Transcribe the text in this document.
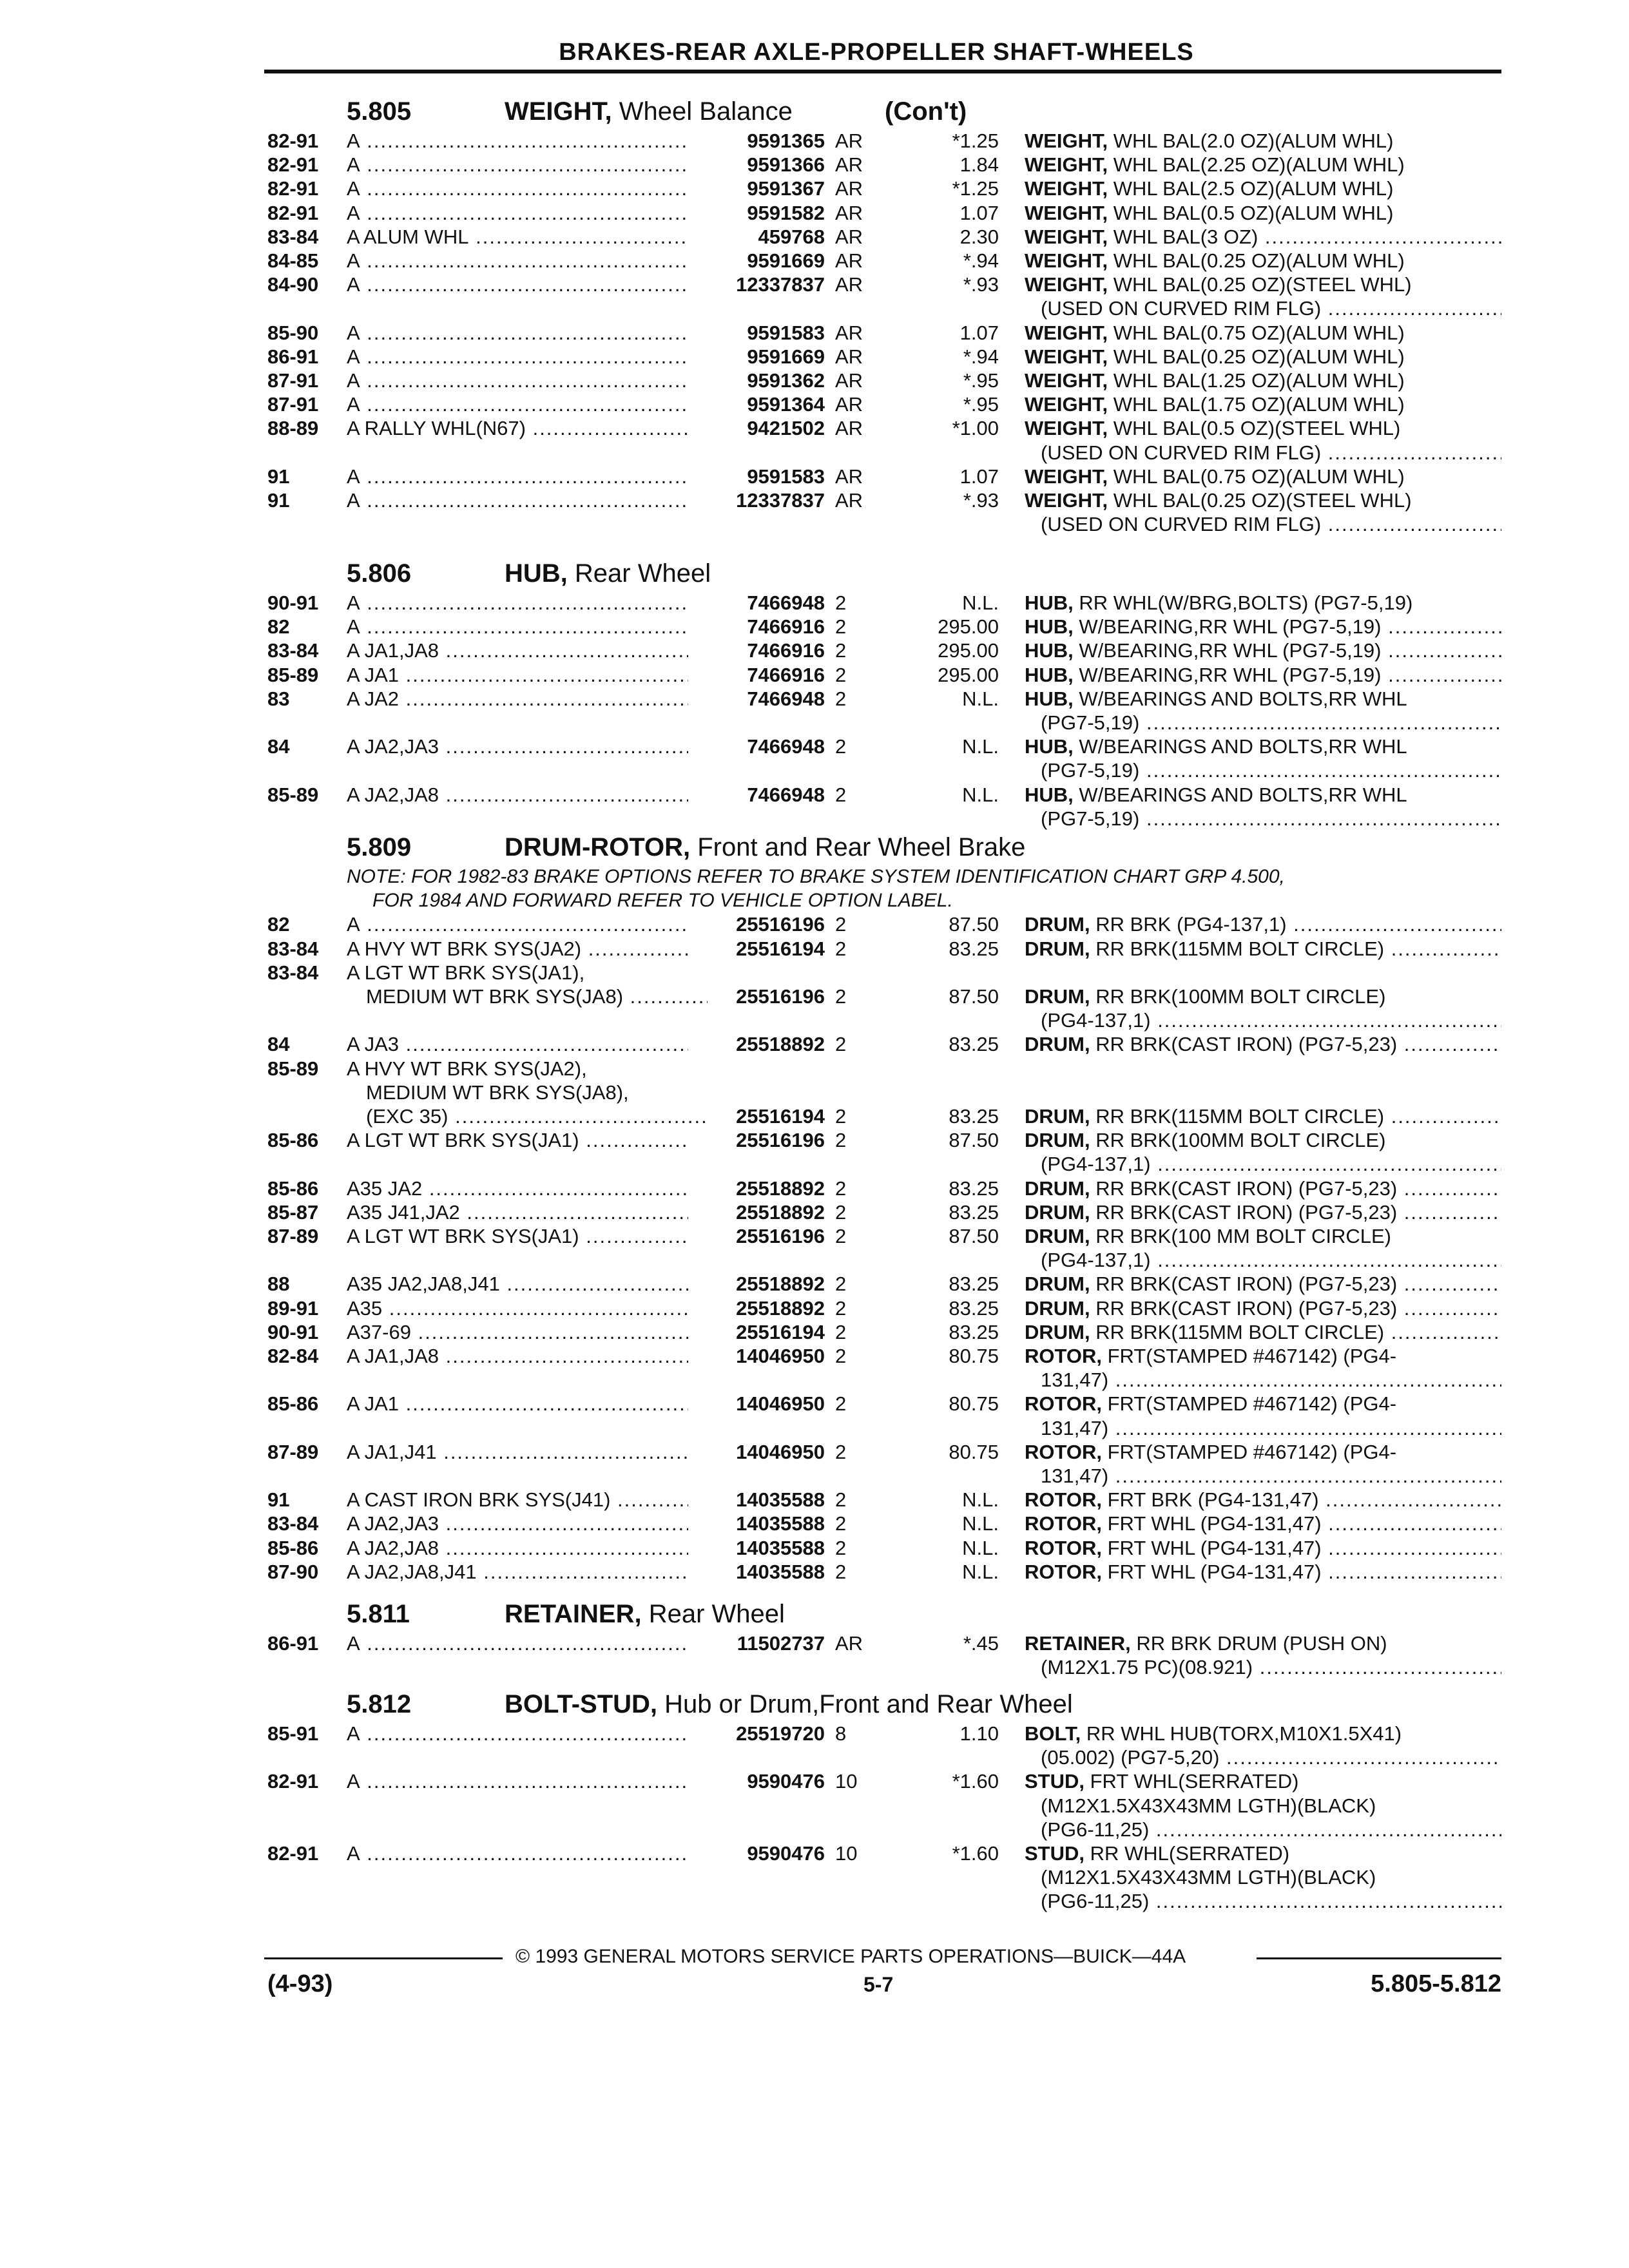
BRAKES-REAR AXLE-PROPELLER SHAFT-WHEELS
5.805	WEIGHT, Wheel Balance	(Con't)
82-91 A .....	9591365 AR	*1.25 WEIGHT, WHL BAL(2.0 OZ)(ALUM WHL)
82-91 A .....	9591366 AR	1.84 WEIGHT, WHL BAL(2.25 OZ)(ALUM WHL)
82-91 A .....	9591367 AR	*1.25 WEIGHT, WHL BAL(2.5 OZ)(ALUM WHL)
82-91 A .....	9591582 AR	1.07 WEIGHT, WHL BAL(0.5 OZ)(ALUM WHL)
83-84 A ALUM WHL .....	459768 AR	2.30 WEIGHT, WHL BAL(3 OZ) .....
84-85 A .....	9591669 AR	*.94 WEIGHT, WHL BAL(0.25 OZ)(ALUM WHL)
84-90 A .....	12337837 AR	*.93 WEIGHT, WHL BAL(0.25 OZ)(STEEL WHL)
(USED ON CURVED RIM FLG) .....
85-90 A .....	9591583 AR	1.07 WEIGHT, WHL BAL(0.75 OZ)(ALUM WHL)
86-91 A .....	9591669 AR	*.94 WEIGHT, WHL BAL(0.25 OZ)(ALUM WHL)
87-91 A .....	9591362 AR	*.95 WEIGHT, WHL BAL(1.25 OZ)(ALUM WHL)
87-91 A .....	9591364 AR	*.95 WEIGHT, WHL BAL(1.75 OZ)(ALUM WHL)
88-89 A RALLY WHL(N67) .....	9421502 AR	*1.00 WEIGHT, WHL BAL(0.5 OZ)(STEEL WHL)
(USED ON CURVED RIM FLG) .....
91	A .....	9591583 AR	1.07 WEIGHT, WHL BAL(0.75 OZ)(ALUM WHL)
91	A .....	12337837 AR	*.93 WEIGHT, WHL BAL(0.25 OZ)(STEEL WHL)
(USED ON CURVED RIM FLG) .....
5.806	HUB, Rear Wheel
90-91 A .....	7466948 2	N.L. HUB, RR WHL(W/BRG,BOLTS) (PG7-5,19)
82	A .....	7466916 2	295.00 HUB, W/BEARING,RR WHL (PG7-5,19) .....
83-84 A JA1,JA8 .....	7466916 2	295.00 HUB, W/BEARING,RR WHL (PG7-5,19) .....
85-89 A JA1 .....	7466916 2	295.00 HUB, W/BEARING,RR WHL (PG7-5,19) .....
83	A JA2 .....	7466948 2	N.L. HUB, W/BEARINGS AND BOLTS,RR WHL
(PG7-5,19) .....
84	A JA2,JA3 .....	7466948 2	N.L. HUB, W/BEARINGS AND BOLTS,RR WHL
(PG7-5,19) .....
85-89 A JA2,JA8 .....	7466948 2	N.L. HUB, W/BEARINGS AND BOLTS,RR WHL
(PG7-5,19) .....
5.809	DRUM-ROTOR, Front and Rear Wheel Brake
NOTE: FOR 1982-83 BRAKE OPTIONS REFER TO BRAKE SYSTEM IDENTIFICATION CHART GRP 4.500,
FOR 1984 AND FORWARD REFER TO VEHICLE OPTION LABEL.
82	A .....	25516196 2	87.50 DRUM, RR BRK (PG4-137,1) .....
83-84 A HVY WT BRK SYS(JA2) .....	25516194 2	83.25 DRUM, RR BRK(115MM BOLT CIRCLE) .....
83-84 A LGT WT BRK SYS(JA1),
MEDIUM WT BRK SYS(JA8) .....	25516196 2	87.50 DRUM, RR BRK(100MM BOLT CIRCLE)
(PG4-137,1) .....
84	A JA3 .....	25518892 2	83.25 DRUM, RR BRK(CAST IRON) (PG7-5,23) .....
85-89 A HVY WT BRK SYS(JA2),
MEDIUM WT BRK SYS(JA8),
(EXC 35) .....	25516194 2	83.25 DRUM, RR BRK(115MM BOLT CIRCLE) .....
85-86 A LGT WT BRK SYS(JA1) .....	25516196 2	87.50 DRUM, RR BRK(100MM BOLT CIRCLE)
(PG4-137,1) .....
85-86 A35 JA2 .....	25518892 2	83.25 DRUM, RR BRK(CAST IRON) (PG7-5,23) .....
85-87 A35 J41,JA2 .....	25518892 2	83.25 DRUM, RR BRK(CAST IRON) (PG7-5,23) .....
87-89 A LGT WT BRK SYS(JA1) .....	25516196 2	87.50 DRUM, RR BRK(100 MM BOLT CIRCLE)
(PG4-137,1) .....
88	A35 JA2,JA8,J41 .....	25518892 2	83.25 DRUM, RR BRK(CAST IRON) (PG7-5,23) .....
89-91 A35 .....	25518892 2	83.25 DRUM, RR BRK(CAST IRON) (PG7-5,23) .....
90-91 A37-69 .....	25516194 2	83.25 DRUM, RR BRK(115MM BOLT CIRCLE) .....
82-84 A JA1,JA8 .....	14046950 2	80.75 ROTOR, FRT(STAMPED #467142) (PG4-
131,47) .....
85-86 A JA1 .....	14046950 2	80.75 ROTOR, FRT(STAMPED #467142) (PG4-
131,47) .....
87-89 A JA1,J41 .....	14046950 2	80.75 ROTOR, FRT(STAMPED #467142) (PG4-
131,47) .....
91	A CAST IRON BRK SYS(J41) .....	14035588 2	N.L. ROTOR, FRT BRK (PG4-131,47) .....
83-84 A JA2,JA3 .....	14035588 2	N.L. ROTOR, FRT WHL (PG4-131,47) .....
85-86 A JA2,JA8 .....	14035588 2	N.L. ROTOR, FRT WHL (PG4-131,47) .....
87-90 A JA2,JA8,J41 .....	14035588 2	N.L. ROTOR, FRT WHL (PG4-131,47) .....
5.811	RETAINER, Rear Wheel
86-91 A .....	11502737 AR	*.45 RETAINER, RR BRK DRUM (PUSH ON)
(M12X1.75 PC)(08.921) .....
5.812	BOLT-STUD, Hub or Drum,Front and Rear Wheel
85-91 A .....	25519720 8	1.10 BOLT, RR WHL HUB(TORX,M10X1.5X41)
(05.002) (PG7-5,20) .....
82-91 A .....	9590476 10	*1.60 STUD, FRT WHL(SERRATED)
(M12X1.5X43X43MM LGTH)(BLACK)
(PG6-11,25) .....
82-91 A .....	9590476 10	*1.60 STUD, RR WHL(SERRATED)
(M12X1.5X43X43MM LGTH)(BLACK)
(PG6-11,25) .....
© 1993 GENERAL MOTORS SERVICE PARTS OPERATIONS—BUICK—44A
(4-93)	5-7	5.805-5.812
